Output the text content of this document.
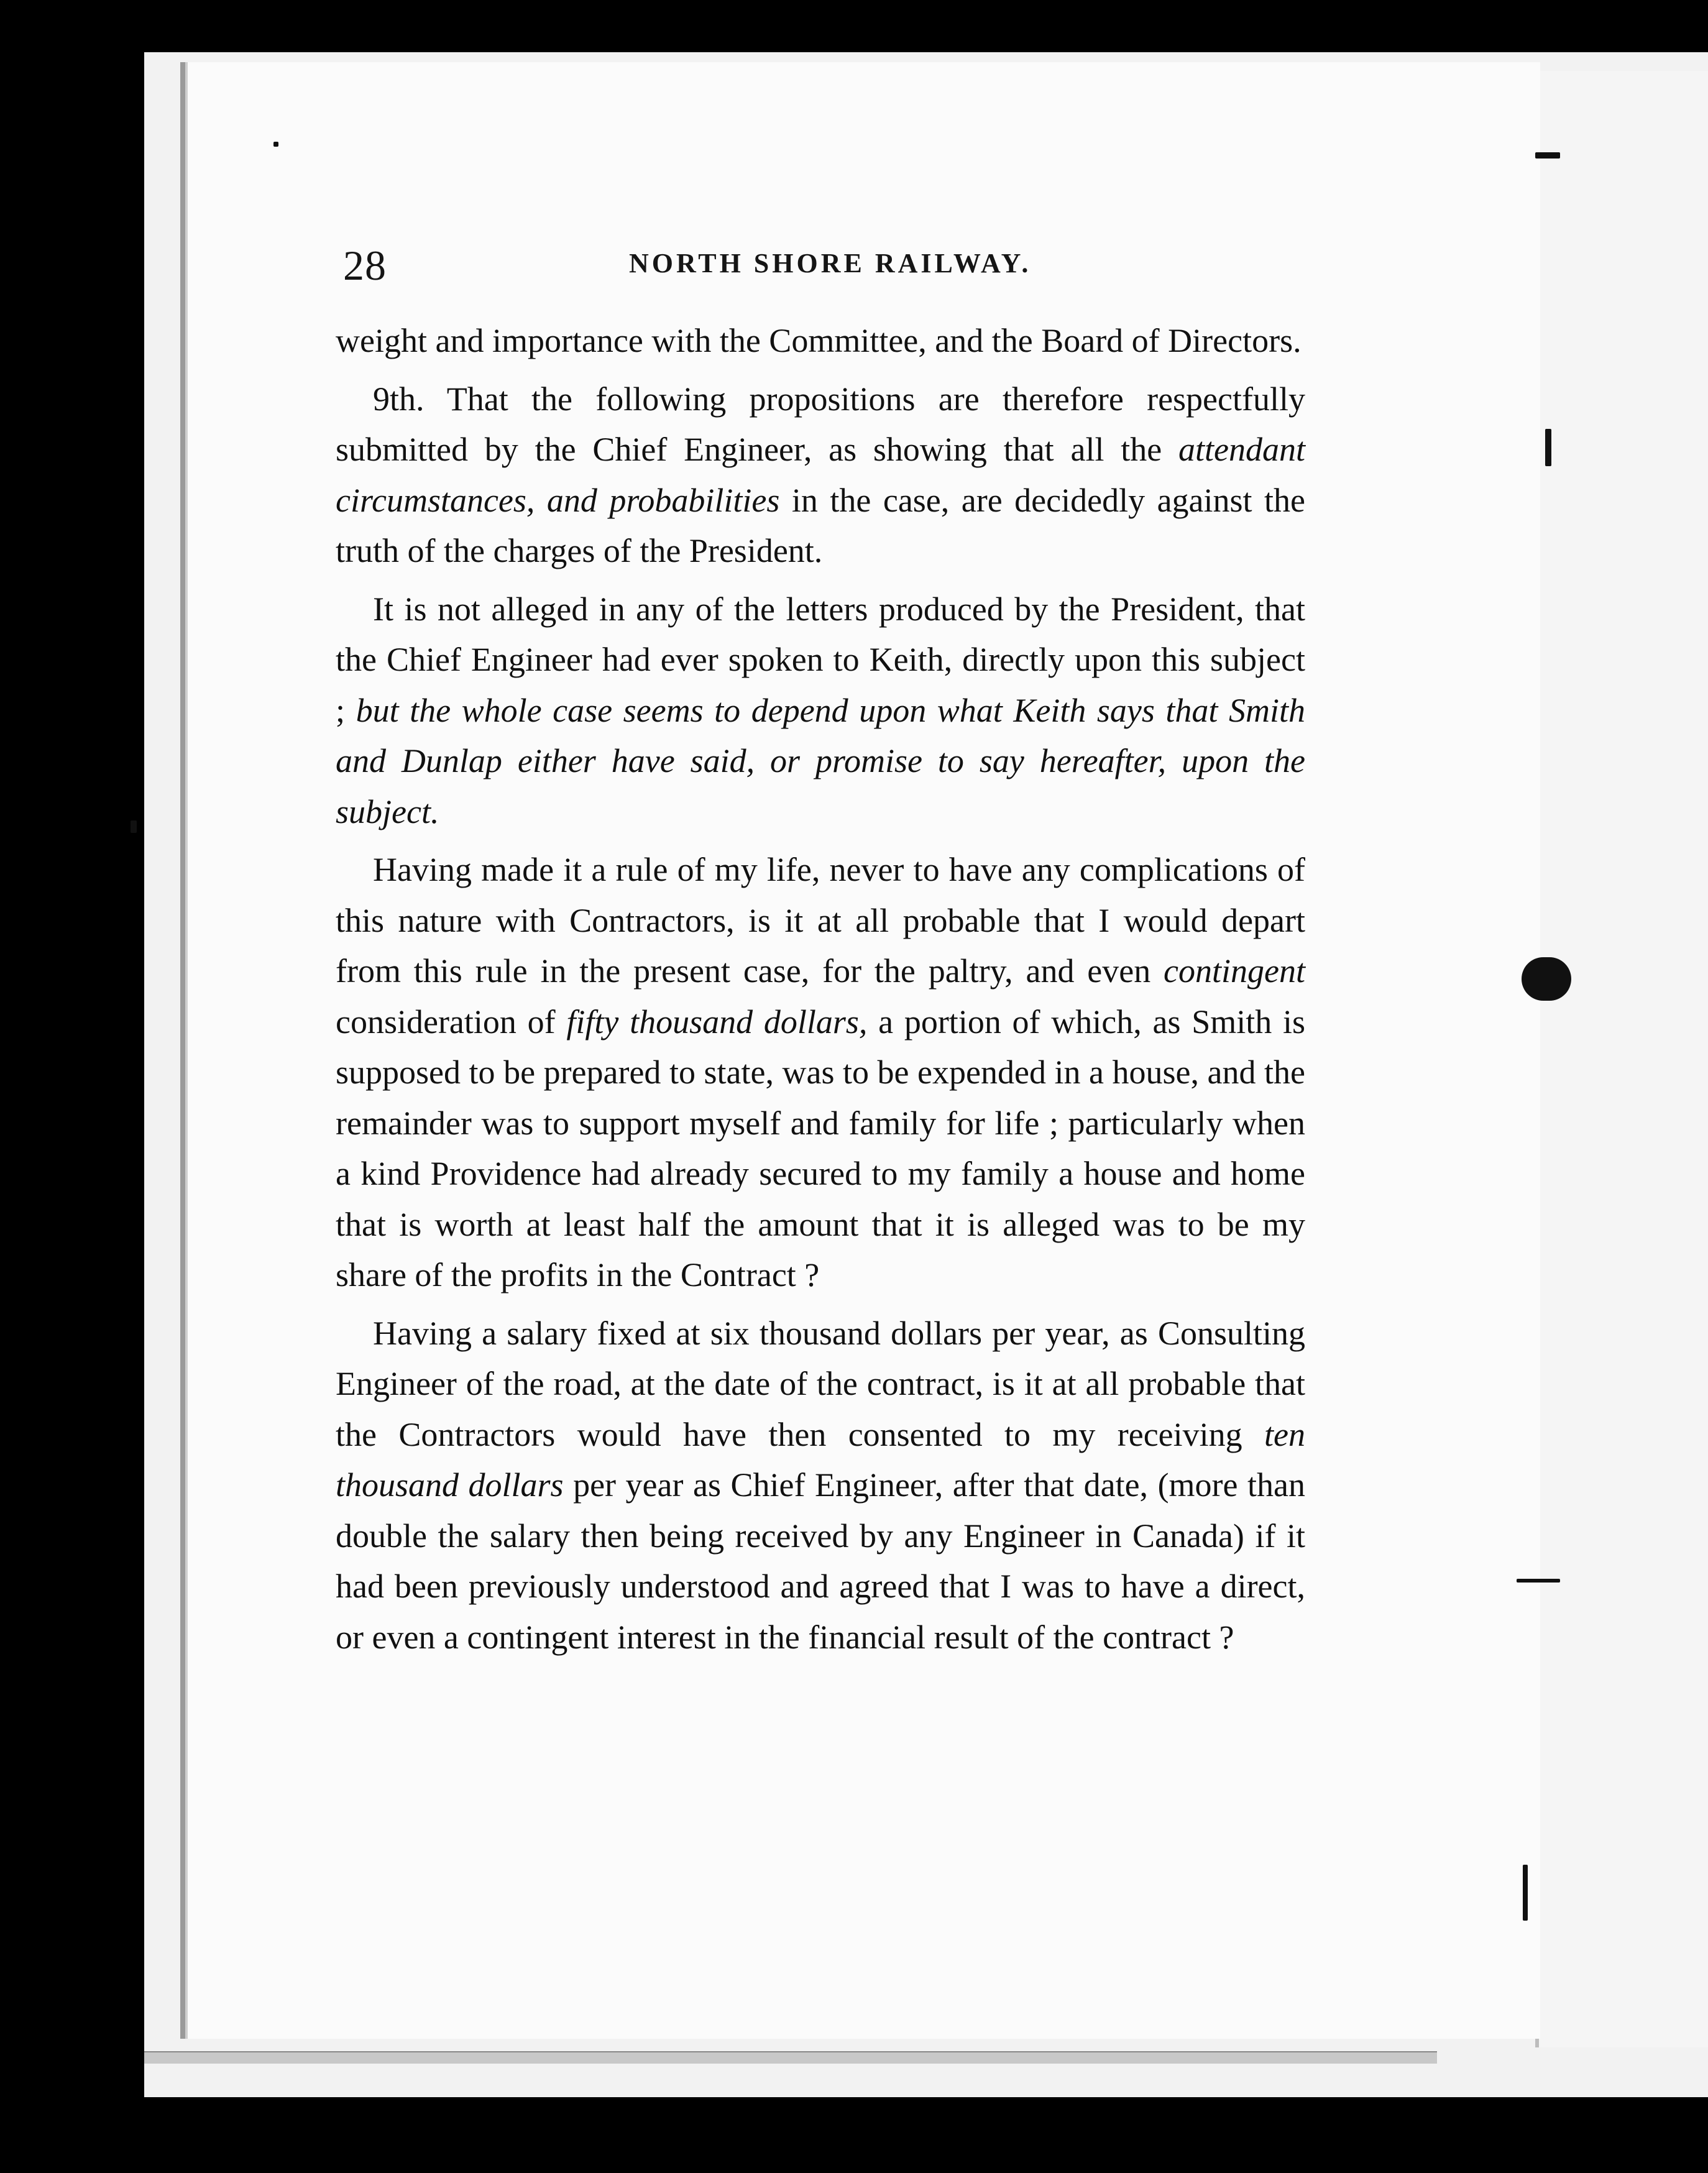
28	NORTH SHORE RAILWAY.

weight and importance with the Committee, and the Board of Directors.

9th. That the following propositions are therefore respectfully submitted by the Chief Engineer, as showing that all the attendant circumstances, and probabilities in the case, are decidedly against the truth of the charges of the President.

It is not alleged in any of the letters produced by the President, that the Chief Engineer had ever spoken to Keith, directly upon this subject ; but the whole case seems to depend upon what Keith says that Smith and Dunlap either have said, or promise to say hereafter, upon the subject.

Having made it a rule of my life, never to have any complications of this nature with Contractors, is it at all probable that I would depart from this rule in the present case, for the paltry, and even contingent consideration of fifty thousand dollars, a portion of which, as Smith is supposed to be prepared to state, was to be expended in a house, and the remainder was to support myself and family for life ; particularly when a kind Providence had already secured to my family a house and home that is worth at least half the amount that it is alleged was to be my share of the profits in the Contract ?

Having a salary fixed at six thousand dollars per year, as Consulting Engineer of the road, at the date of the contract, is it at all probable that the Contractors would have then consented to my receiving ten thousand dollars per year as Chief Engineer, after that date, (more than double the salary then being received by any Engineer in Canada) if it had been previously understood and agreed that I was to have a direct, or even a contingent interest in the financial result of the contract ?
